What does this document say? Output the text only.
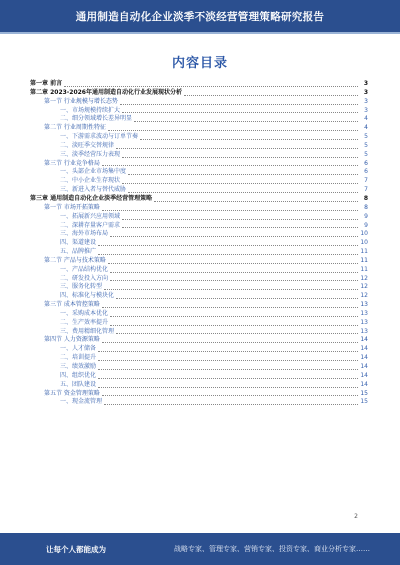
通用制造自动化企业淡季不淡经营管理策略研究报告
内容目录
第一章 前言	3
第二章 2023-2026年通用制造自动化行业发展现状分析	3
第一节 行业规模与增长态势	3
一、市场规模持续扩大	3
二、细分领域增长差异明显	4
第二节 行业周期性特征	4
一、下游需求波动与订单节奏	5
二、淡旺季交替规律	5
三、淡季经营压力表现	5
第三节 行业竞争格局	6
一、头部企业市场集中度	6
二、中小企业生存现状	7
三、新进入者与替代威胁	7
第三章 通用制造自动化企业淡季经营管理策略	8
第一节 市场开拓策略	8
一、拓展新兴应用领域	9
二、深耕存量客户需求	9
三、海外市场布局	10
四、渠道建设	10
五、品牌推广	11
第二节 产品与技术策略	11
一、产品结构优化	11
二、研发投入方向	12
三、服务化转型	12
四、标准化与模块化	12
第三节 成本管控策略	13
一、采购成本优化	13
二、生产效率提升	13
三、费用精细化管理	13
第四节 人力资源策略	14
一、人才储备	14
二、培训提升	14
三、绩效激励	14
四、组织优化	14
五、团队建设	14
第五节 资金管理策略	15
一、现金流管理	15
2
让每个人都能成为	战略专家、管理专家、营销专家、投资专家、商业分析专家……
